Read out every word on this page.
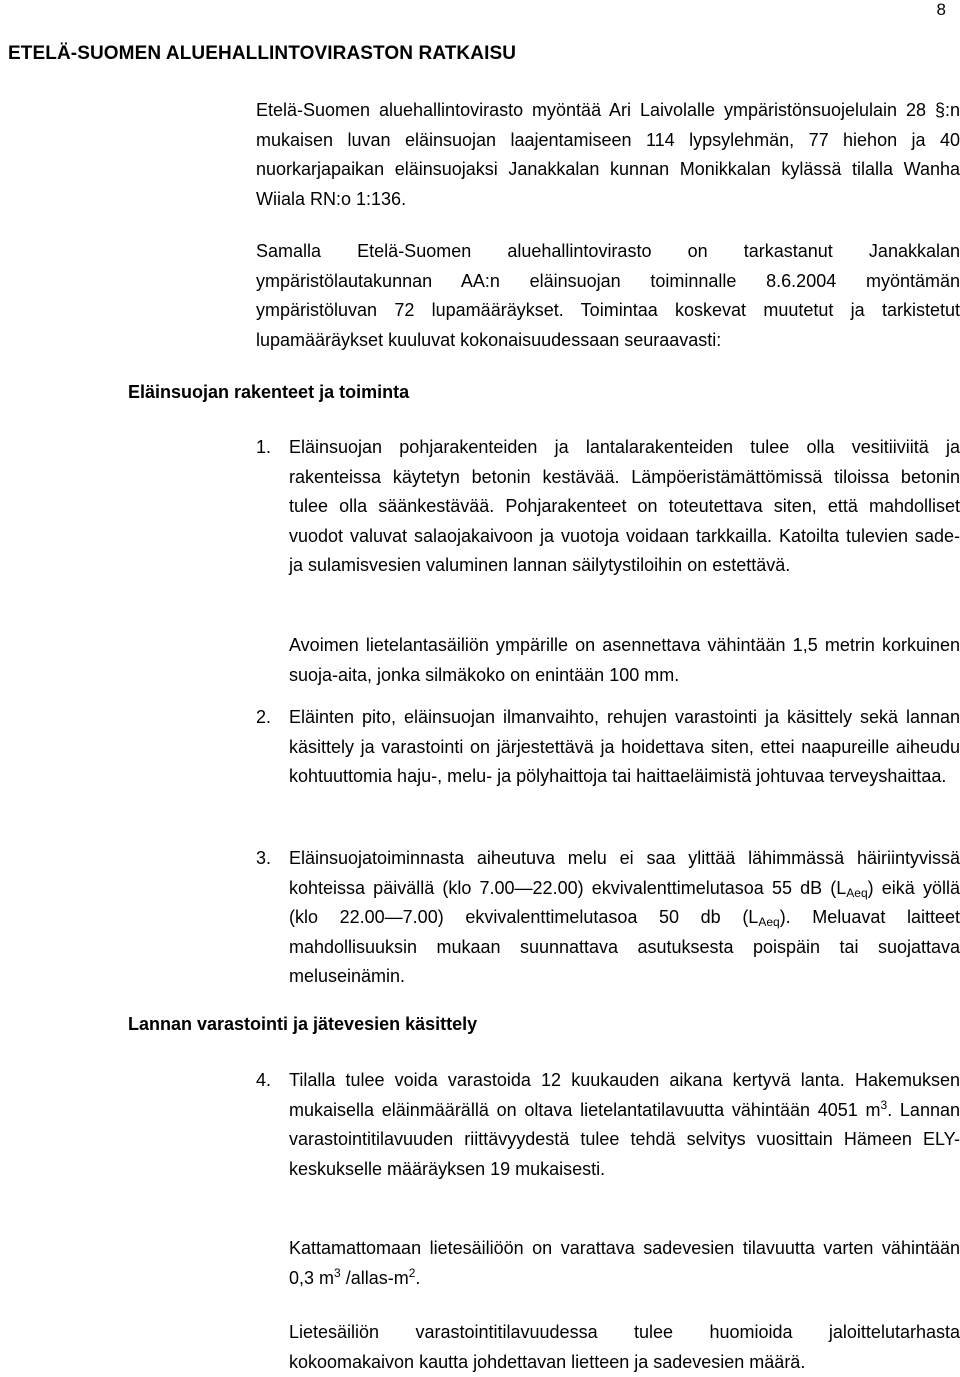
8
ETELÄ-SUOMEN ALUEHALLINTOVIRASTON RATKAISU
Etelä-Suomen aluehallintovirasto myöntää Ari Laivolalle ympäristönsuojelulain 28 §:n mukaisen luvan eläinsuojan laajentamiseen 114 lypsylehmän, 77 hiehon ja 40 nuorkarjapaikan eläinsuojaksi Janakkalan kunnan Monikkalan kylässä tilalla Wanha Wiiala RN:o 1:136.
Samalla Etelä-Suomen aluehallintovirasto on tarkastanut Janakkalan ympäristölautakunnan AA:n eläinsuojan toiminnalle 8.6.2004 myöntämän ympäristöluvan 72 lupamääräykset. Toimintaa koskevat muutetut ja tarkistetut lupamääräykset kuuluvat kokonaisuudessaan seuraavasti:
Eläinsuojan rakenteet ja toiminta
1. Eläinsuojan pohjarakenteiden ja lantalarakenteiden tulee olla vesitiiviitä ja rakenteissa käytetyn betonin kestävää. Lämpöeristämättömissä tiloissa betonin tulee olla säänkestävää. Pohjarakenteet on toteutettava siten, että mahdolliset vuodot valuvat salaojakaivoon ja vuotoja voidaan tarkkailla. Katoilta tulevien sade- ja sulamisvesien valuminen lannan säilytystiloihin on estettävä.
Avoimen lietelantasäiliön ympärille on asennettava vähintään 1,5 metrin korkuinen suoja-aita, jonka silmäkoko on enintään 100 mm.
2. Eläinten pito, eläinsuojan ilmanvaihto, rehujen varastointi ja käsittely sekä lannan käsittely ja varastointi on järjestettävä ja hoidettava siten, ettei naapureille aiheudu kohtuuttomia haju-, melu- ja pölyhaittoja tai haittaeläimistä johtuvaa terveyshaittaa.
3. Eläinsuojatoiminnasta aiheutuva melu ei saa ylittää lähimmässä häiriintyvissä kohteissa päivällä (klo 7.00—22.00) ekvivalenttimelutasoa 55 dB $(L_{Aeq})$ eikä yöllä (klo 22.00—7.00) ekvivalenttimelutasoa 50 db $(L_{Aeq})$. Meluavat laitteet mahdollisuuksin mukaan suunnattava asutuksesta poispäin tai suojattava meluseinämin.
Lannan varastointi ja jätevesien käsittely
4. Tilalla tulee voida varastoida 12 kuukauden aikana kertyvä lanta. Hakemuksen mukaisella eläinmäärällä on oltava lietelantatilavuutta vähintään 4051 $m^3$. Lannan varastointitilavuuden riittävyydestä tulee tehdä selvitys vuosittain Hämeen ELY-keskukselle määräyksen 19 mukaisesti.
Kattamattomaan lietesäiliöön on varattava sadevesien tilavuutta varten vähintään 0,3 $m^3$ $/allas-m^2$.
Lietesäiliön varastointitilavuudessa tulee huomioida jaloittelutarhasta kokoomakaivon kautta johdettavan lietteen ja sadevesien määrä.
